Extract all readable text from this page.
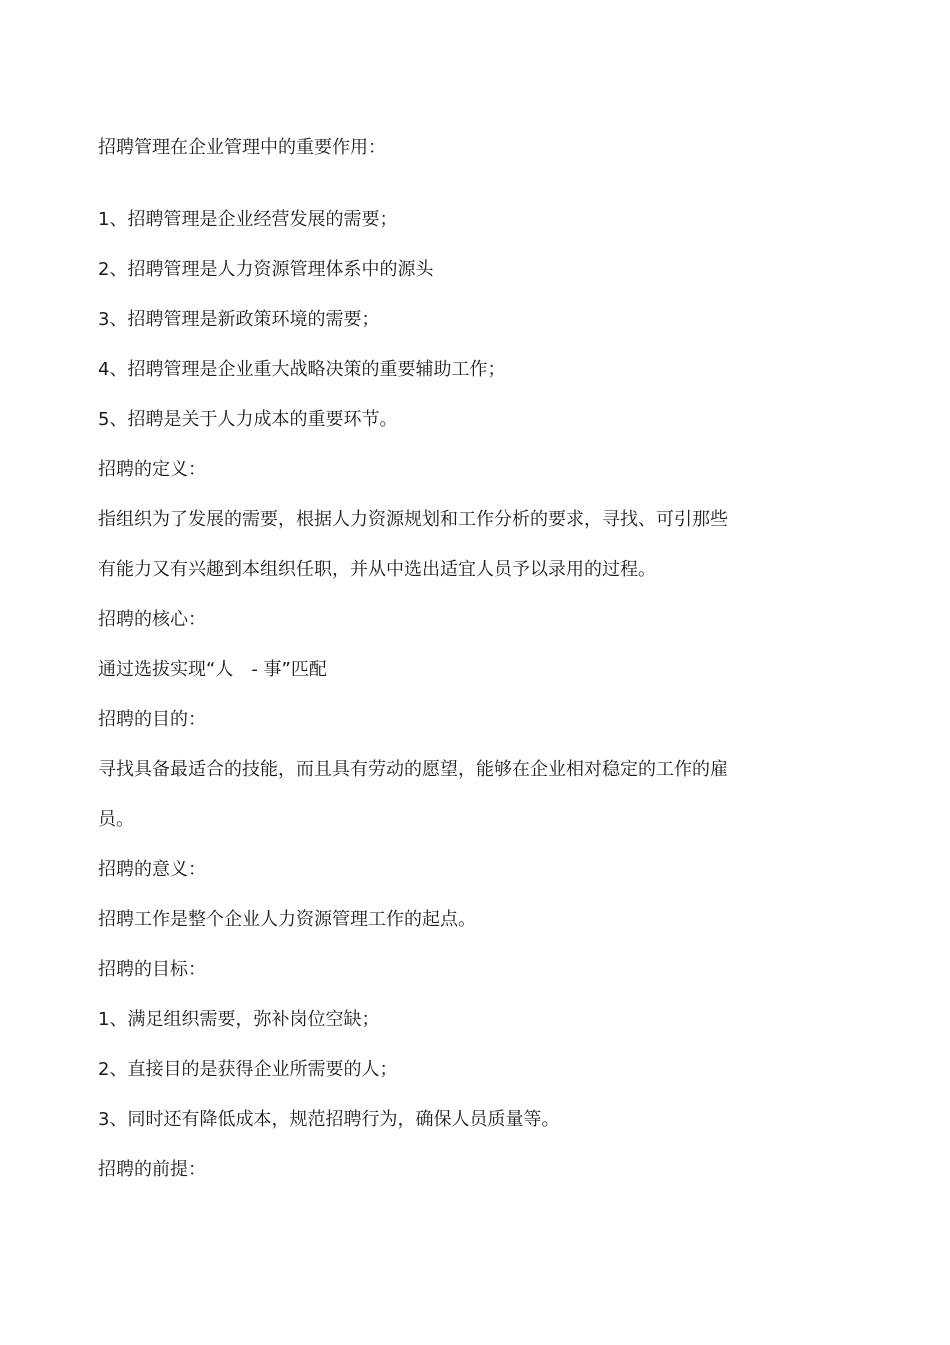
招聘管理在企业管理中的重要作用：
1、招聘管理是企业经营发展的需要；
2、招聘管理是人力资源管理体系中的源头
3、招聘管理是新政策环境的需要；
4、招聘管理是企业重大战略决策的重要辅助工作；
5、招聘是关于人力成本的重要环节。
招聘的定义：
指组织为了发展的需要，根据人力资源规划和工作分析的要求，寻找、可引那些
有能力又有兴趣到本组织任职，并从中选出适宜人员予以录用的过程。
招聘的核心：
通过选拔实现“人　- 事”匹配
招聘的目的：
寻找具备最适合的技能，而且具有劳动的愿望，能够在企业相对稳定的工作的雇
员。
招聘的意义：
招聘工作是整个企业人力资源管理工作的起点。
招聘的目标：
1、满足组织需要，弥补岗位空缺；
2、直接目的是获得企业所需要的人；
3、同时还有降低成本，规范招聘行为，确保人员质量等。
招聘的前提：
